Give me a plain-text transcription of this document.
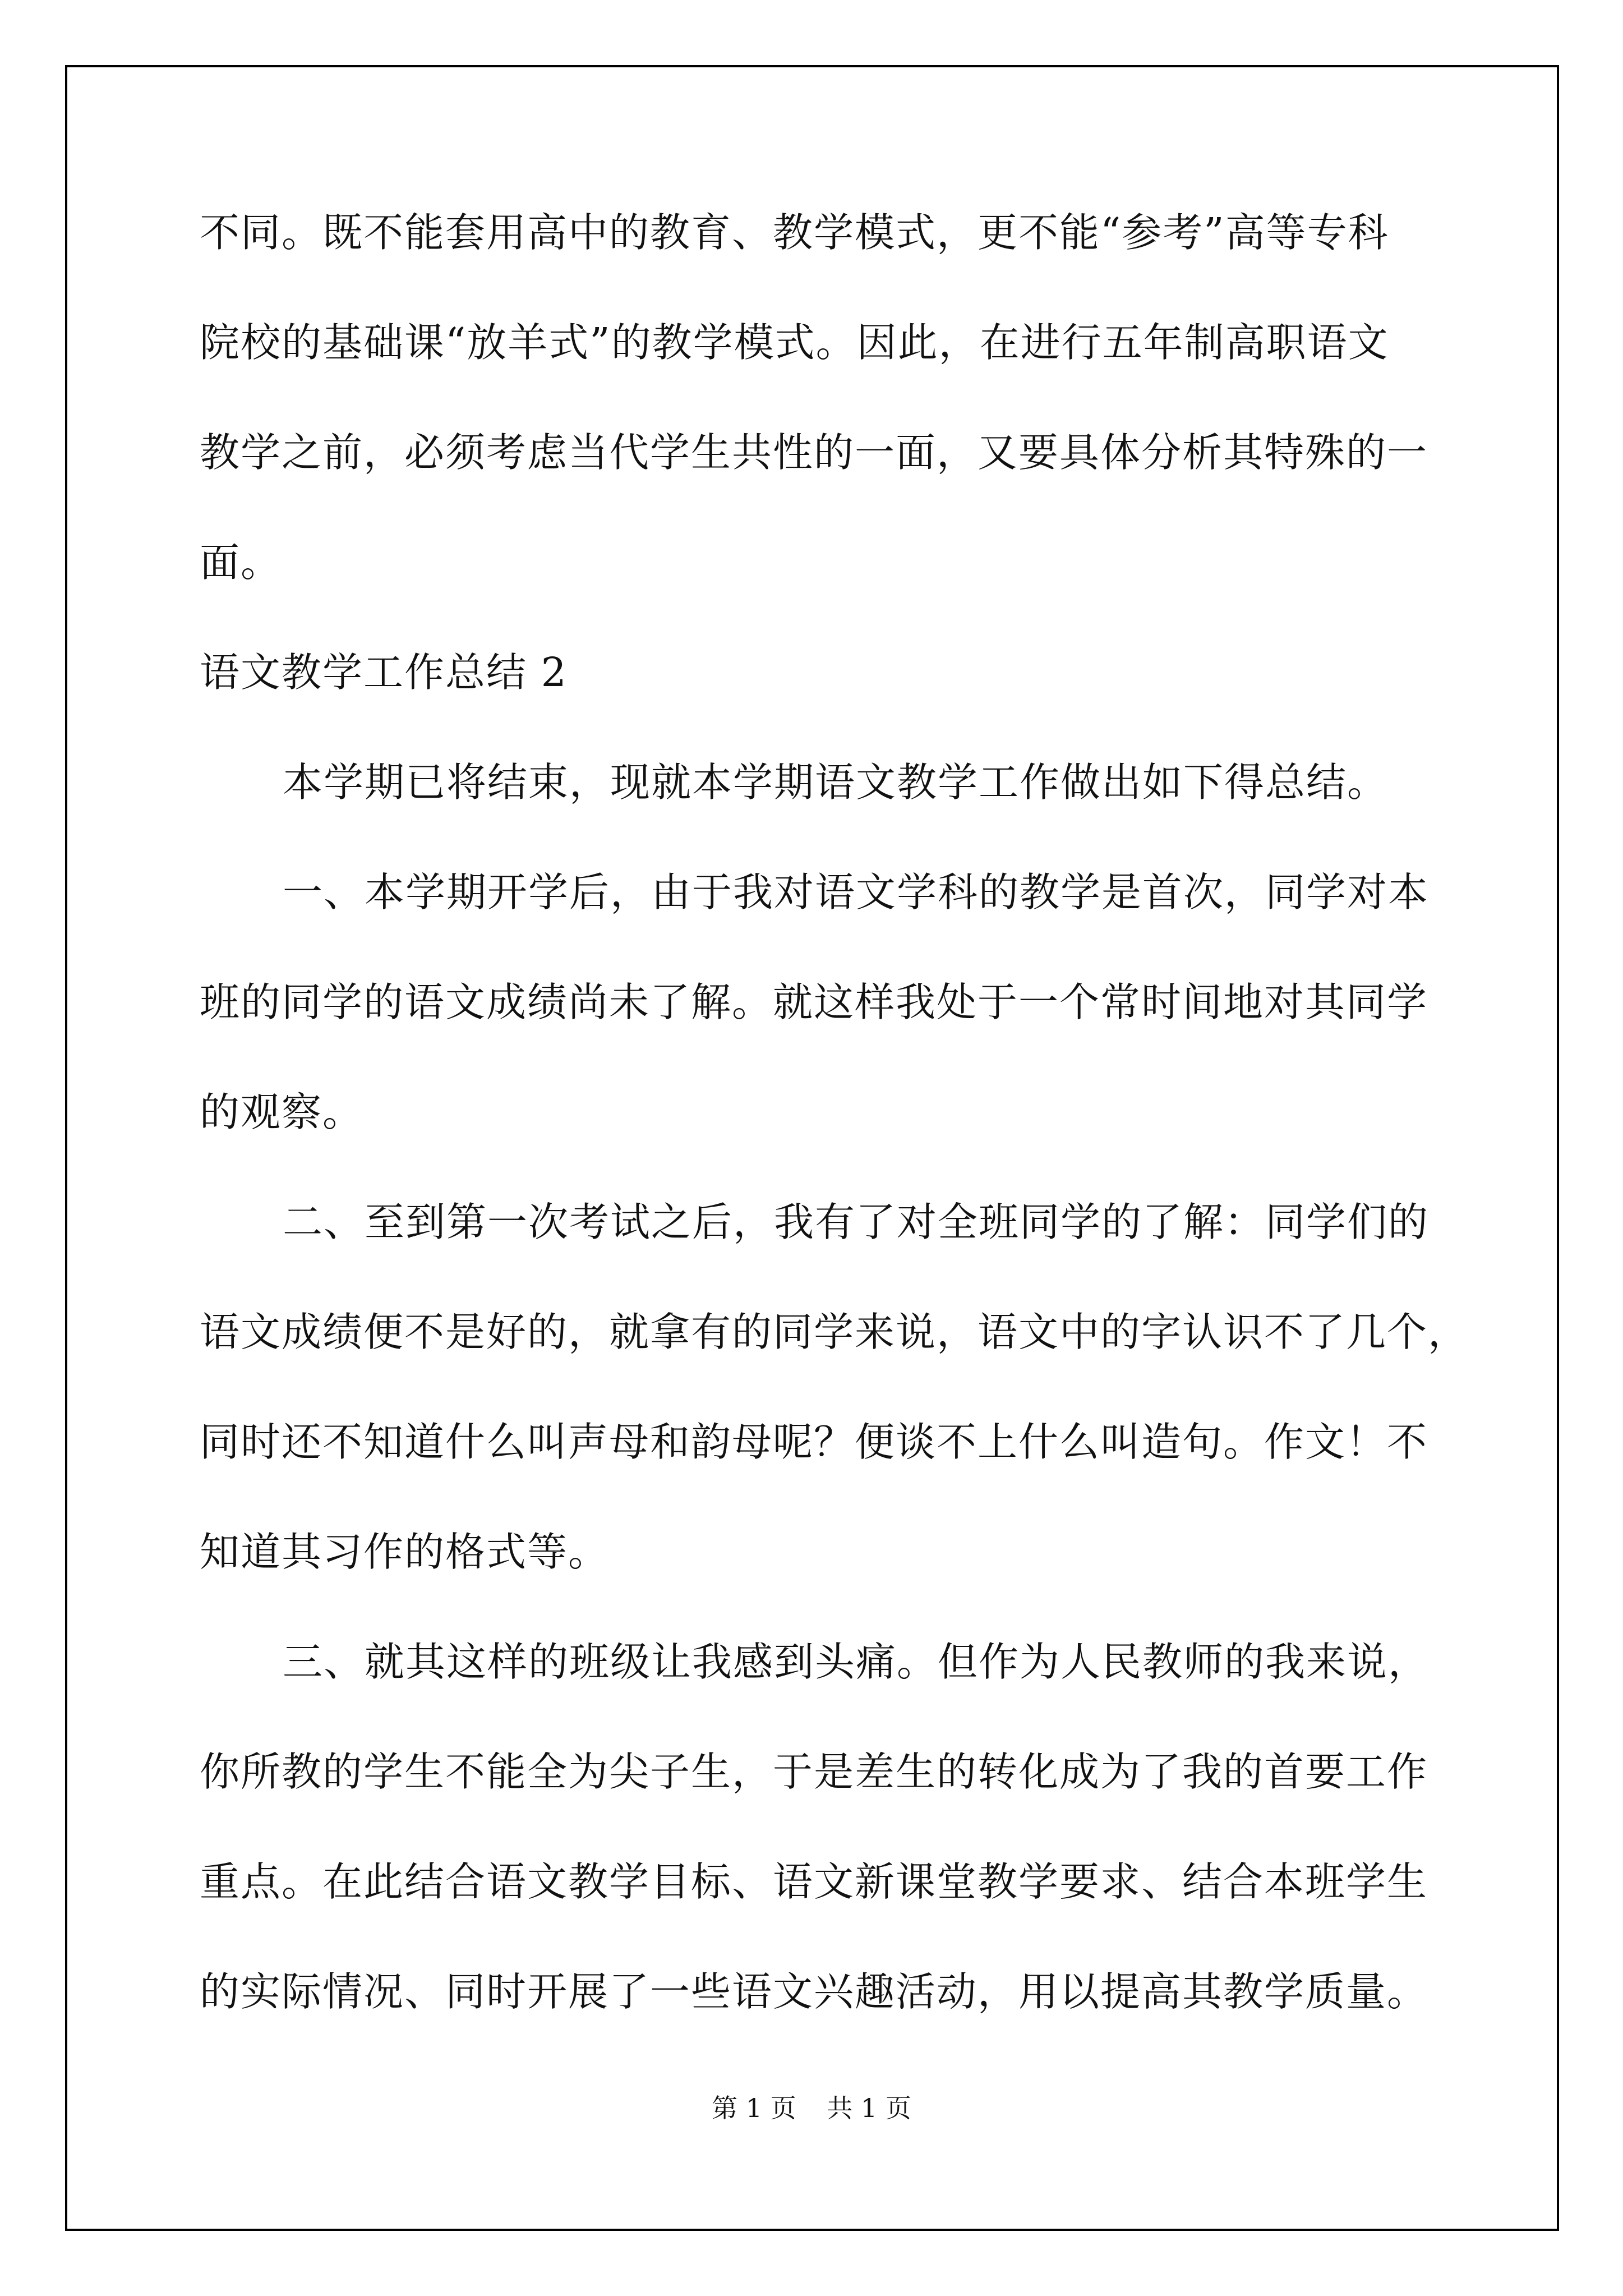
不同。既不能套用高中的教育、教学模式，更不能“参考”高等专科
院校的基础课“放羊式”的教学模式。因此，在进行五年制高职语文
教学之前，必须考虑当代学生共性的一面，又要具体分析其特殊的一
面。
语文教学工作总结 2
本学期已将结束，现就本学期语文教学工作做出如下得总结。
一、本学期开学后，由于我对语文学科的教学是首次，同学对本
班的同学的语文成绩尚未了解。就这样我处于一个常时间地对其同学
的观察。
二、至到第一次考试之后，我有了对全班同学的了解：同学们的
语文成绩便不是好的，就拿有的同学来说，语文中的字认识不了几个，
同时还不知道什么叫声母和韵母呢？便谈不上什么叫造句。作文！不
知道其习作的格式等。
三、就其这样的班级让我感到头痛。但作为人民教师的我来说，
你所教的学生不能全为尖子生，于是差生的转化成为了我的首要工作
重点。在此结合语文教学目标、语文新课堂教学要求、结合本班学生
的实际情况、同时开展了一些语文兴趣活动，用以提高其教学质量。
第 1 页 共 1 页
